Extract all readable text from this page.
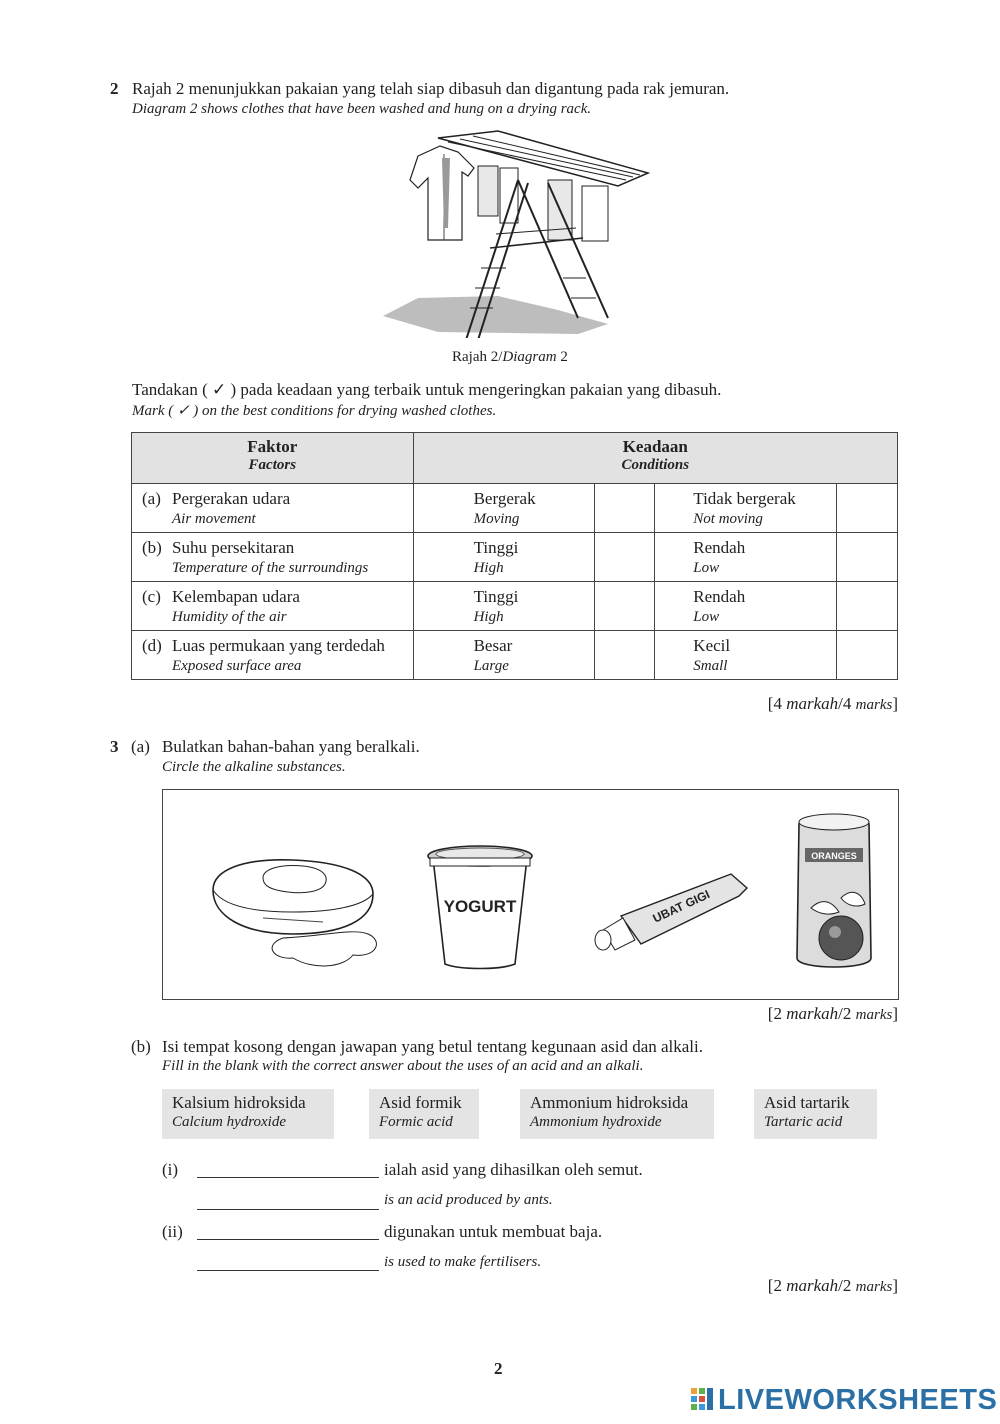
2 Rajah 2 menunjukkan pakaian yang telah siap dibasuh dan digantung pada rak jemuran.
Diagram 2 shows clothes that have been washed and hung on a drying rack.
Rajah 2/Diagram 2
Tandakan ( ✓ ) pada keadaan yang terbaik untuk mengeringkan pakaian yang dibasuh.
Mark ( ✓ ) on the best conditions for drying washed clothes.
Faktor
Factors	Keadaan
Conditions			

(a) Pergerakan udara
Air movement	Bergerak
Moving		Tidak bergerak
Not moving	

(b) Suhu persekitaran
Temperature of the surroundings	Tinggi
High		Rendah
Low	

(c) Kelembapan udara
Humidity of the air	Tinggi
High		Rendah
Low	

(d) Luas permukaan yang terdedah
Exposed surface area	Besar
Large		Kecil
Small	

[4 markah/4 marks]
3 (a) Bulatkan bahan-bahan yang beralkali.
Circle the alkaline substances.
YOGURT	UBAT GIGI
ORANGES
[2 markah/2 marks]
(b) Isi tempat kosong dengan jawapan yang betul tentang kegunaan asid dan alkali.
Fill in the blank with the correct answer about the uses of an acid and an alkali.
Kalsium hidroksida
Calcium hydroxide
Asid formik
Formic acid
Ammonium hidroksida
Ammonium hydroxide
Asid tartarik
Tartaric acid
(i)	ialah asid yang dihasilkan oleh semut.
is an acid produced by ants.
(ii)	digunakan untuk membuat baja.
is used to make fertilisers.
[2 markah/2 marks]
2
LIVEWORKSHEETS
